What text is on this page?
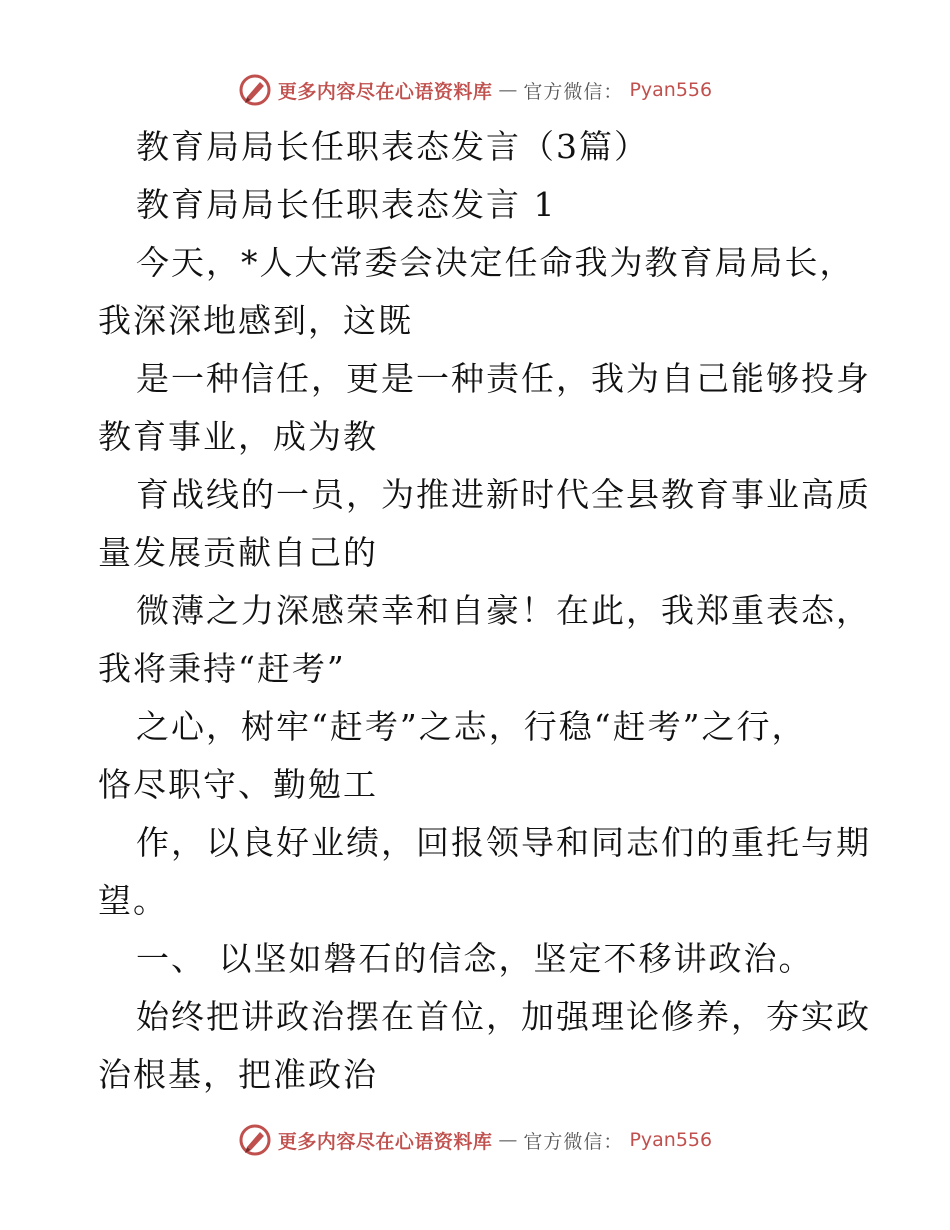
更多内容尽在心语资料库 — 官方微信： Pyan556
教育局局长任职表态发言（3篇）
教育局局长任职表态发言 1
今天，*人大常委会决定任命我为教育局局长，
我深深地感到，这既
是一种信任，更是一种责任，我为自己能够投身
教育事业，成为教
育战线的一员，为推进新时代全县教育事业高质
量发展贡献自己的
微薄之力深感荣幸和自豪！在此，我郑重表态，
我将秉持“赶考”
之心，树牢“赶考”之志，行稳“赶考”之行，
恪尽职守、勤勉工
作，以良好业绩，回报领导和同志们的重托与期
望。
一、 以坚如磐石的信念，坚定不移讲政治。
始终把讲政治摆在首位，加强理论修养，夯实政
治根基，把准政治
更多内容尽在心语资料库 — 官方微信： Pyan556
